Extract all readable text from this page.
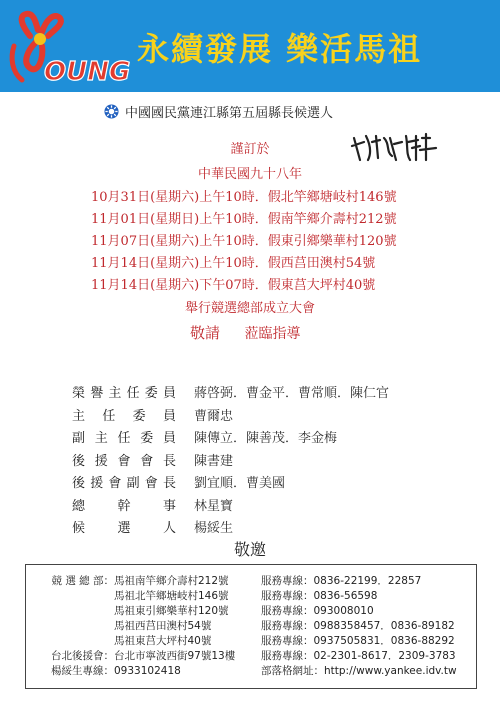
OUNG
永續發展 樂活馬祖
中國國民黨連江縣第五屆縣長候選人
謹訂於
中華民國九十八年
10月31日(星期六)上午10時．假北竿鄉塘岐村146號
11月01日(星期日)上午10時．假南竿鄉介壽村212號
11月07日(星期六)上午10時．假東引鄉樂華村120號
11月14日(星期六)上午10時．假西莒田澳村54號
11月14日(星期六)下午07時．假東莒大坪村40號
舉行競選總部成立大會
敬請 蒞臨指導
榮譽主任委員 蔣啓弼．曹金平．曹常順．陳仁官
主任委員 曹爾忠
副主任委員 陳傳立．陳善茂．李金梅
後援會會長 陳書建
後援會副會長 劉宜順．曹美國
總幹事 林星寶
候選人 楊綏生
敬邀
競 選 總 部：	馬祖南竿鄉介壽村212號	服務專線：0836-22199．22857
	馬祖北竿鄉塘岐村146號	服務專線：0836-56598
	馬祖東引鄉樂華村120號	服務專線：093008010
	馬祖西莒田澳村54號	服務專線：0988358457．0836-89182
	馬祖東莒大坪村40號	服務專線：0937505831．0836-88292
台北後援會：	台北市寧波西街97號13樓	服務專線：02-2301-8617．2309-3783
楊綏生專線：	0933102418	部落格網址：http://www.yankee.idv.tw
